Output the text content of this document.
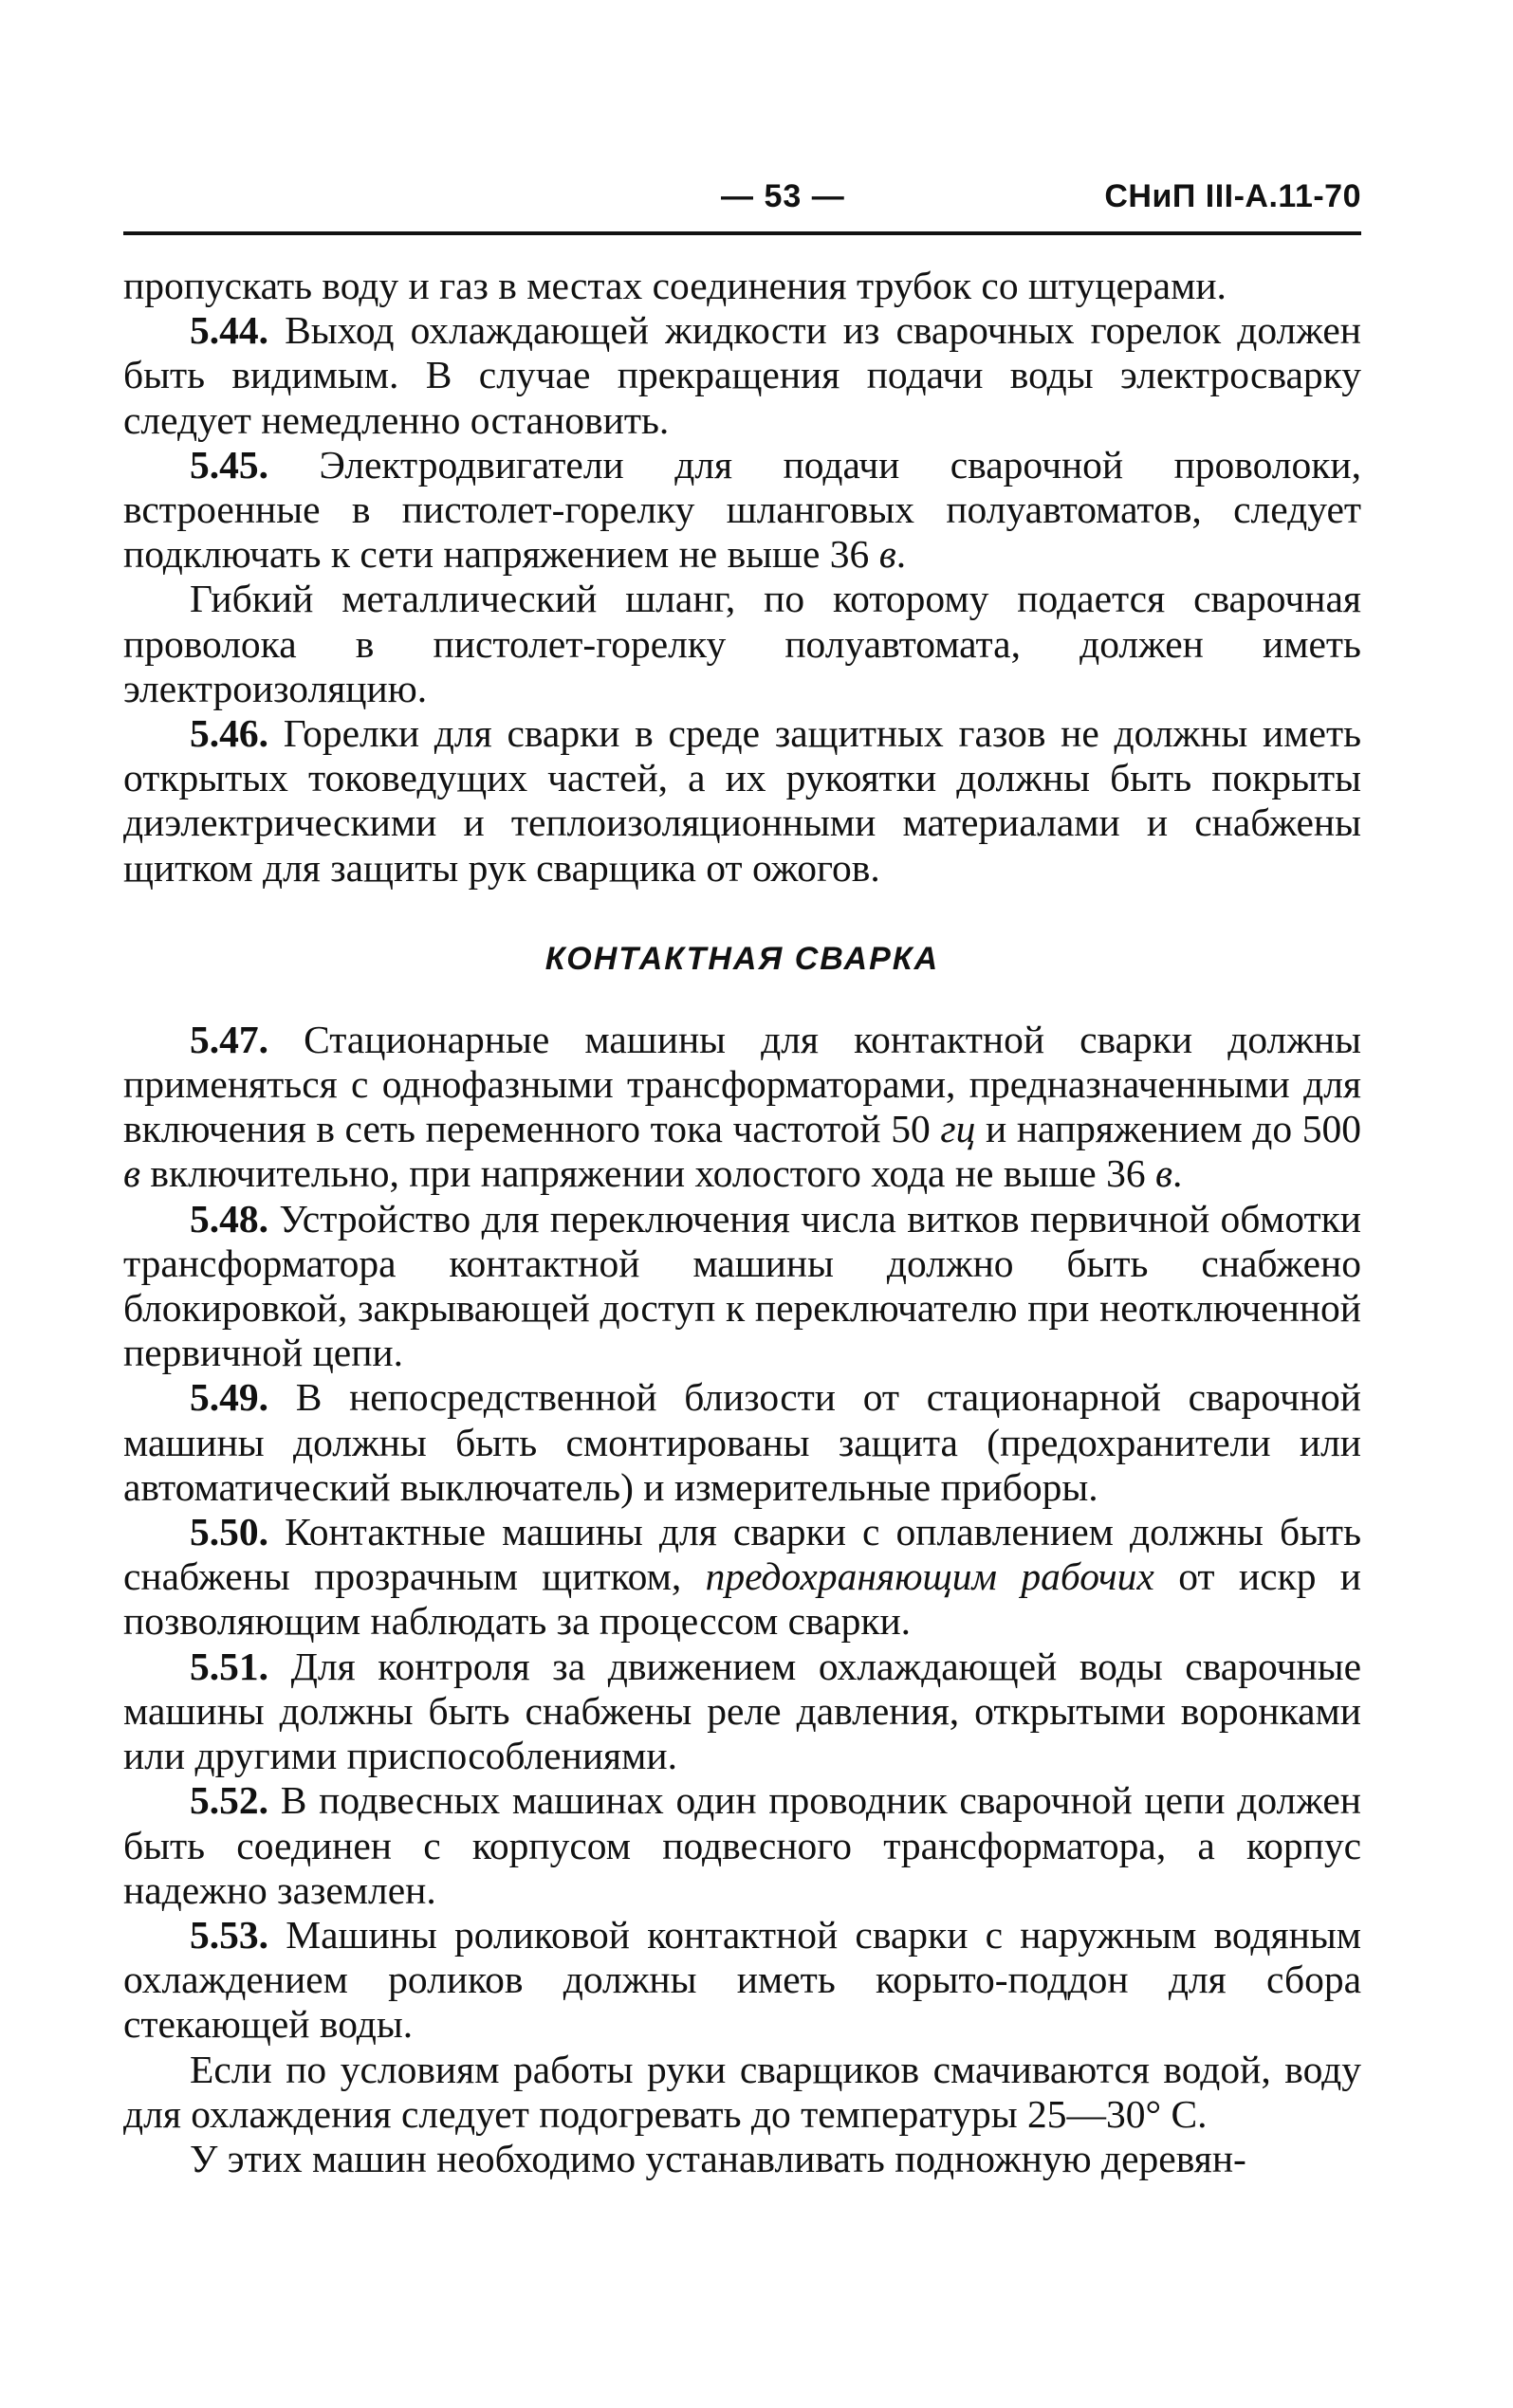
— 53 —	СНиП III-А.11-70

пропускать воду и газ в местах соединения трубок со штуцерами.

5.44. Выход охлаждающей жидкости из сварочных горелок должен быть видимым. В случае прекращения подачи воды электросварку следует немедленно остановить.

5.45. Электродвигатели для подачи сварочной проволоки, встроенные в пистолет-горелку шланговых полуавтоматов, следует подключать к сети напряжением не выше 36 в.

Гибкий металлический шланг, по которому подается сварочная проволока в пистолет-горелку полуавтомата, должен иметь электроизоляцию.

5.46. Горелки для сварки в среде защитных газов не должны иметь открытых токоведущих частей, а их рукоятки должны быть покрыты диэлектрическими и теплоизоляционными материалами и снабжены щитком для защиты рук сварщика от ожогов.

КОНТАКТНАЯ СВАРКА

5.47. Стационарные машины для контактной сварки должны применяться с однофазными трансформаторами, предназначенными для включения в сеть переменного тока частотой 50 гц и напряжением до 500 в включительно, при напряжении холостого хода не выше 36 в.

5.48. Устройство для переключения числа витков первичной обмотки трансформатора контактной машины должно быть снабжено блокировкой, закрывающей доступ к переключателю при неотключенной первичной цепи.

5.49. В непосредственной близости от стационарной сварочной машины должны быть смонтированы защита (предохранители или автоматический выключатель) и измерительные приборы.

5.50. Контактные машины для сварки с оплавлением должны быть снабжены прозрачным щитком, предохраняющим рабочих от искр и позволяющим наблюдать за процессом сварки.

5.51. Для контроля за движением охлаждающей воды сварочные машины должны быть снабжены реле давления, открытыми воронками или другими приспособлениями.

5.52. В подвесных машинах один проводник сварочной цепи должен быть соединен с корпусом подвесного трансформатора, а корпус надежно заземлен.

5.53. Машины роликовой контактной сварки с наружным водяным охлаждением роликов должны иметь корыто-поддон для сбора стекающей воды.

Если по условиям работы руки сварщиков смачиваются водой, воду для охлаждения следует подогревать до температуры 25—30° С.

У этих машин необходимо устанавливать подножную деревян-
